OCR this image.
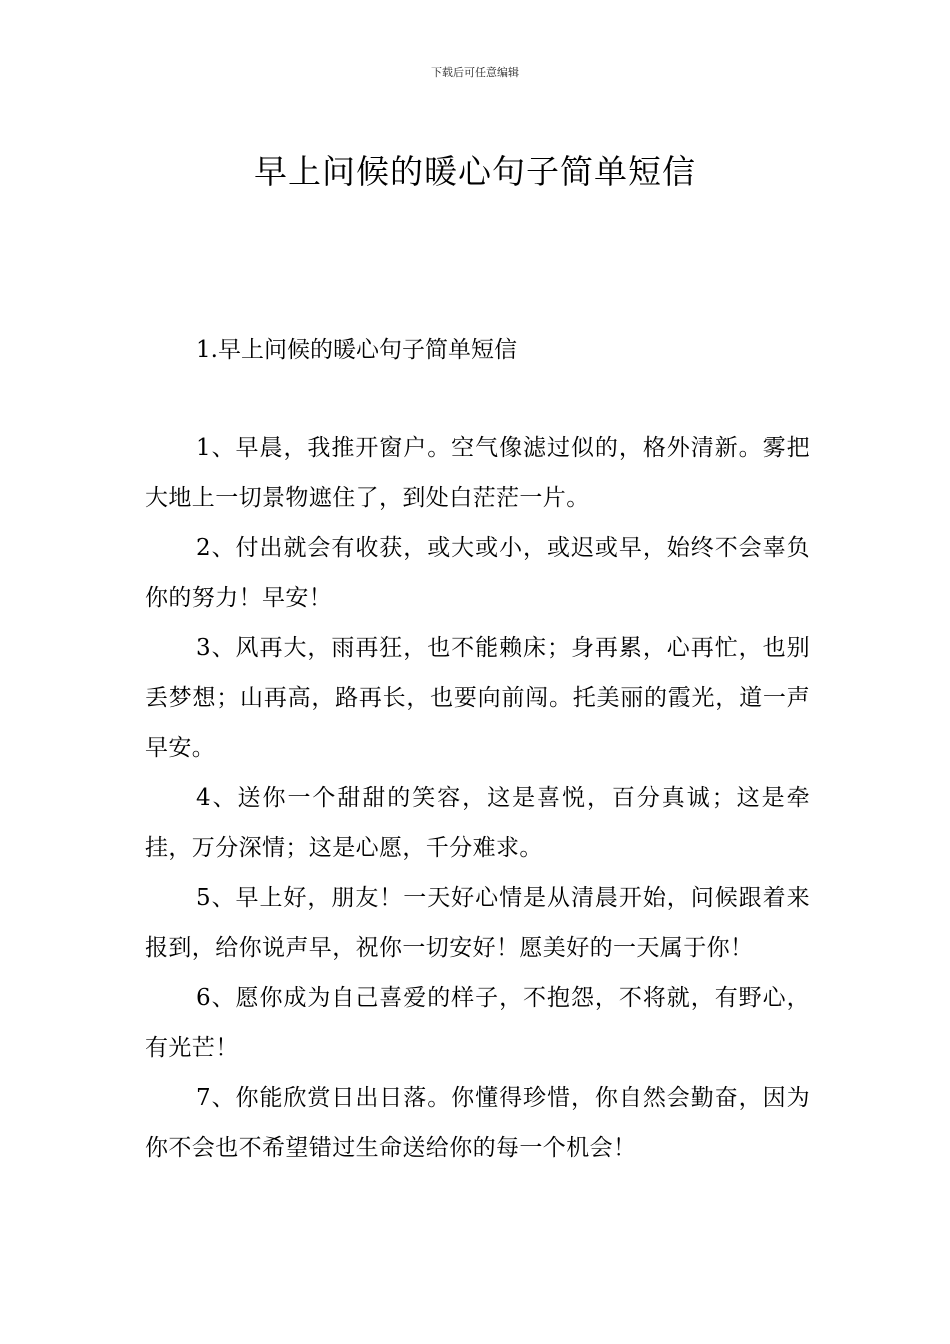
下载后可任意编辑
早上问候的暖心句子简单短信
1.早上问候的暖心句子简单短信

1、早晨，我推开窗户。空气像滤过似的，格外清新。雾把大地上一切景物遮住了，到处白茫茫一片。

2、付出就会有收获，或大或小，或迟或早，始终不会辜负你的努力！早安！

3、风再大，雨再狂，也不能赖床；身再累，心再忙，也别丢梦想；山再高，路再长，也要向前闯。托美丽的霞光，道一声早安。

4、送你一个甜甜的笑容，这是喜悦，百分真诚；这是牵挂，万分深情；这是心愿，千分难求。

5、早上好，朋友！一天好心情是从清晨开始，问候跟着来报到，给你说声早，祝你一切安好！愿美好的一天属于你！

6、愿你成为自己喜爱的样子，不抱怨，不将就，有野心，有光芒！

7、你能欣赏日出日落。你懂得珍惜，你自然会勤奋，因为你不会也不希望错过生命送给你的每一个机会！
